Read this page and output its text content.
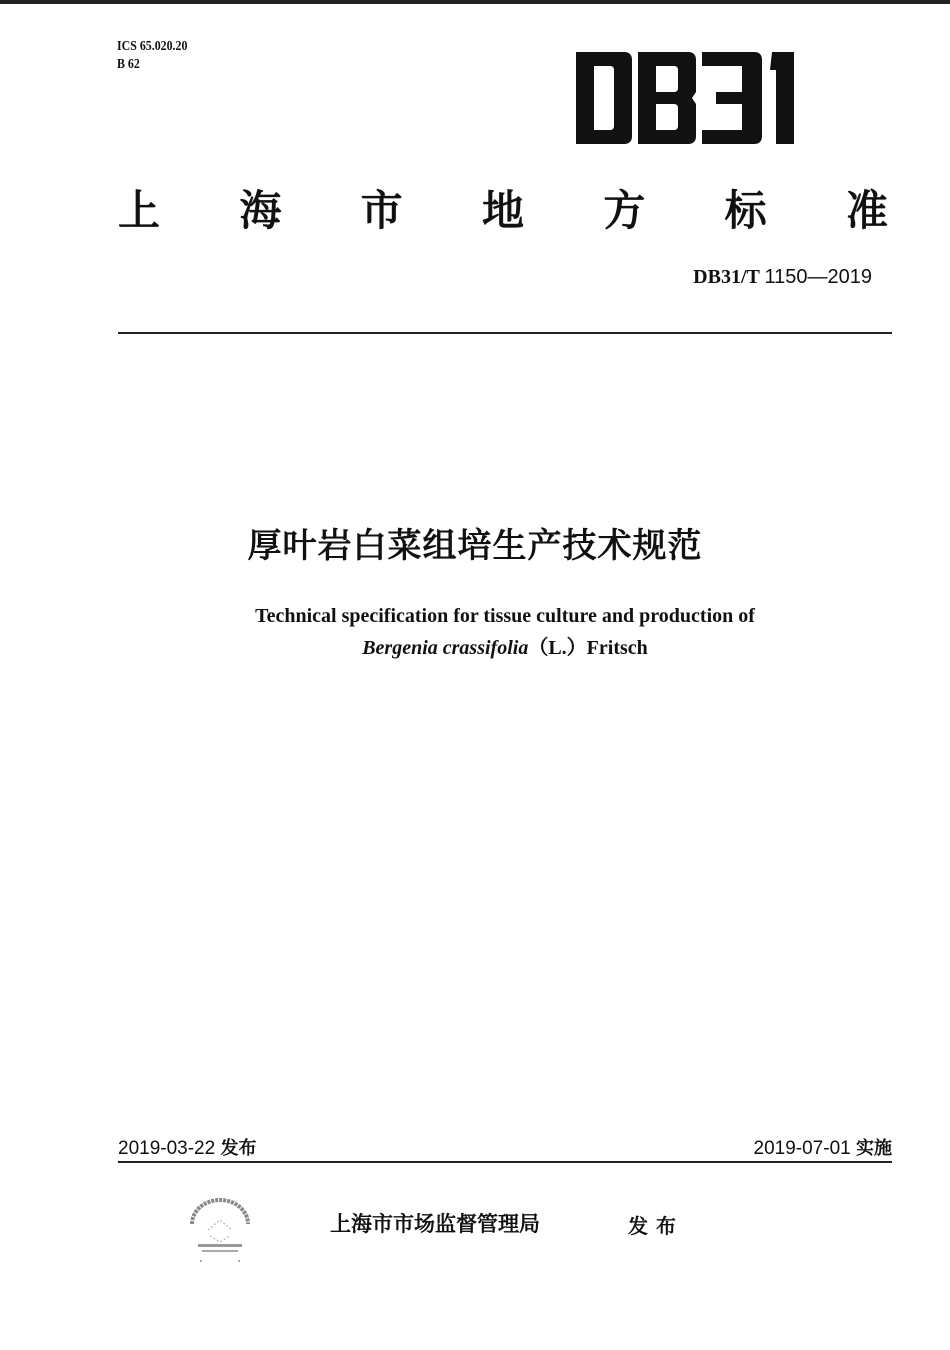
ICS 65.020.20
B 62
上 海 市 地 方 标 准
DB31/T 1150—2019
厚叶岩白菜组培生产技术规范
Technical specification for tissue culture and production of
Bergenia crassifolia（L.）Fritsch
2019-03-22 发布	2019-07-01 实施
上海市市场监督管理局	发布
